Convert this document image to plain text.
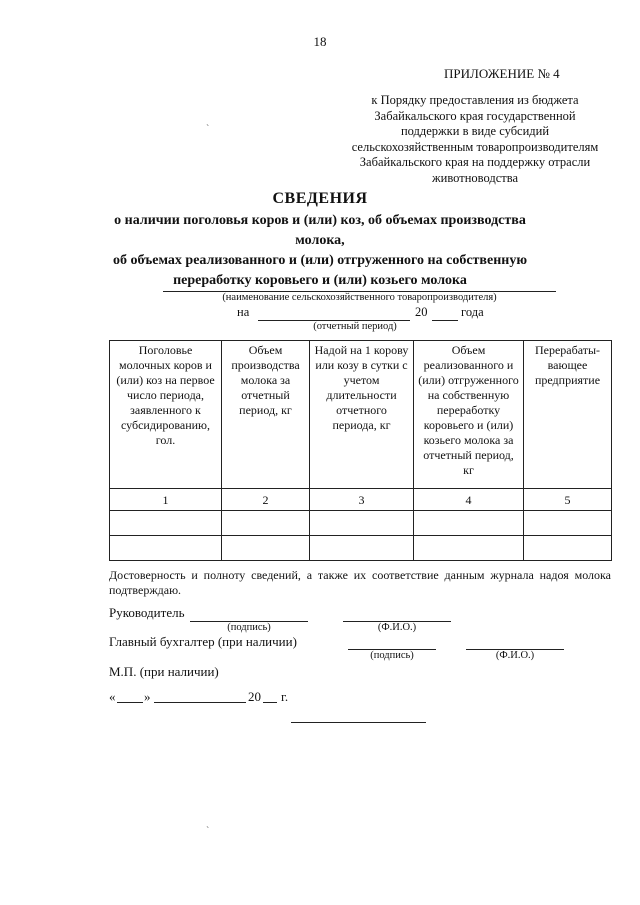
18
ПРИЛОЖЕНИЕ № 4
к Порядку предоставления из бюджета
Забайкальского края государственной
поддержки в виде субсидий
сельскохозяйственным товаропроизводителям
Забайкальского края на поддержку отрасли
животноводства
ˋ
ˋ
СВЕДЕНИЯ
о наличии поголовья коров и (или) коз, об объемах производства молока,
об объемах реализованного и (или) отгруженного на собственную
переработку коровьего и (или) козьего молока
(наименование сельскохозяйственного товаропроизводителя)
на	20	года
(отчетный период)
Поголовье молочных коров и (или) коз на первое число периода, заявленного к субсидированию, гол.	Объем производства молока за отчетный период, кг	Надой на 1 корову или козу в сутки с учетом длительности отчетного периода, кг	Объем реализованного и (или) отгруженного на собственную переработку коровьего и (или) козьего молока за отчетный период, кг	Перерабаты-вающее предприятие
1	2	3	4	5

Достоверность и полноту сведений, а также их соответствие данным журнала надоя молока подтверждаю.
Руководитель
(подпись)	(Ф.И.О.)
Главный бухгалтер (при наличии)
(подпись)	(Ф.И.О.)
М.П. (при наличии)
« »	20 г.
